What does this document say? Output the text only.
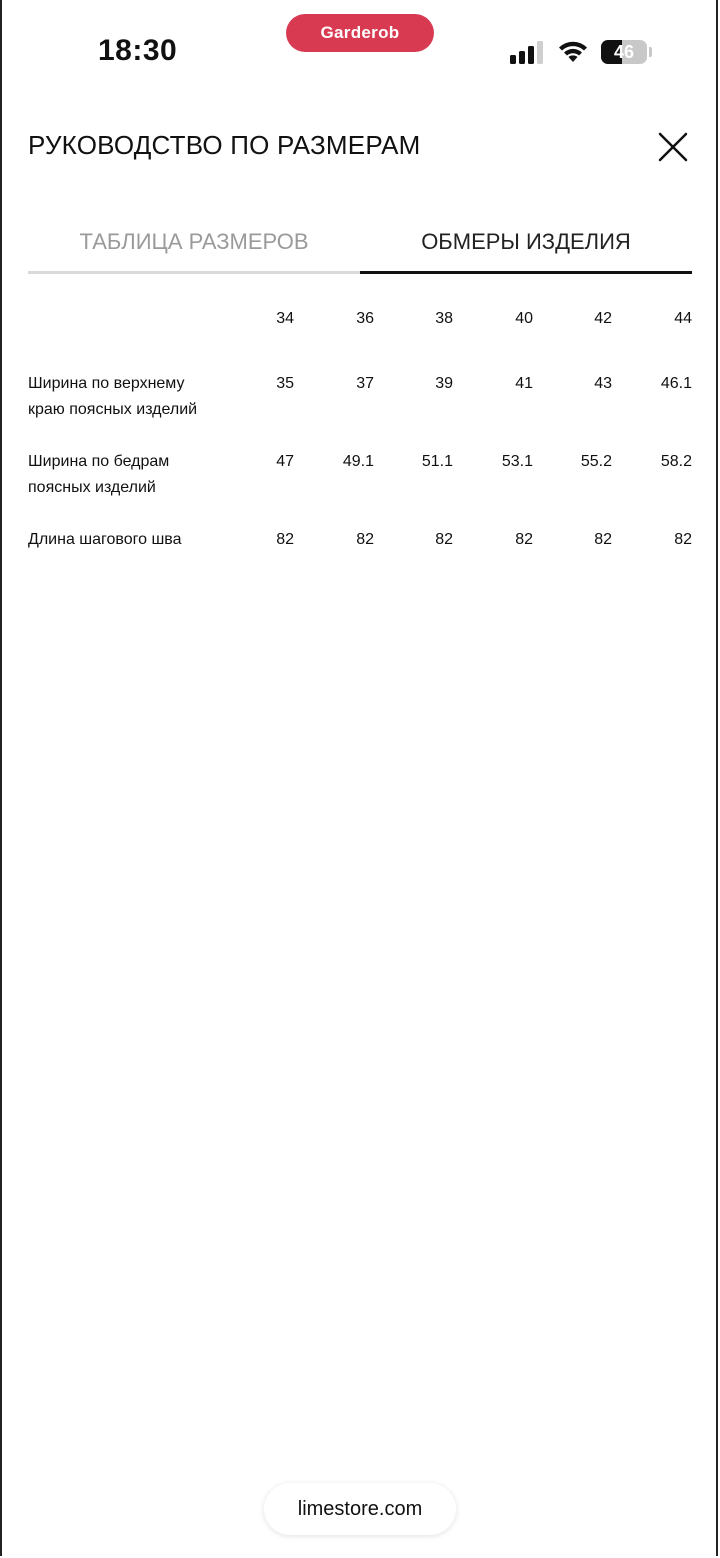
18:30
Garderob
46
РУКОВОДСТВО ПО РАЗМЕРАМ
ТАБЛИЦА РАЗМЕРОВ	ОБМЕРЫ ИЗДЕЛИЯ
34	36	38	40	42	44
Ширина по верхнему
краю поясных изделий
35	37	39	41	43	46.1
Ширина по бедрам
поясных изделий
47	49.1	51.1	53.1	55.2	58.2
Длина шагового шва	82	82	82	82	82	82
limestore.com
